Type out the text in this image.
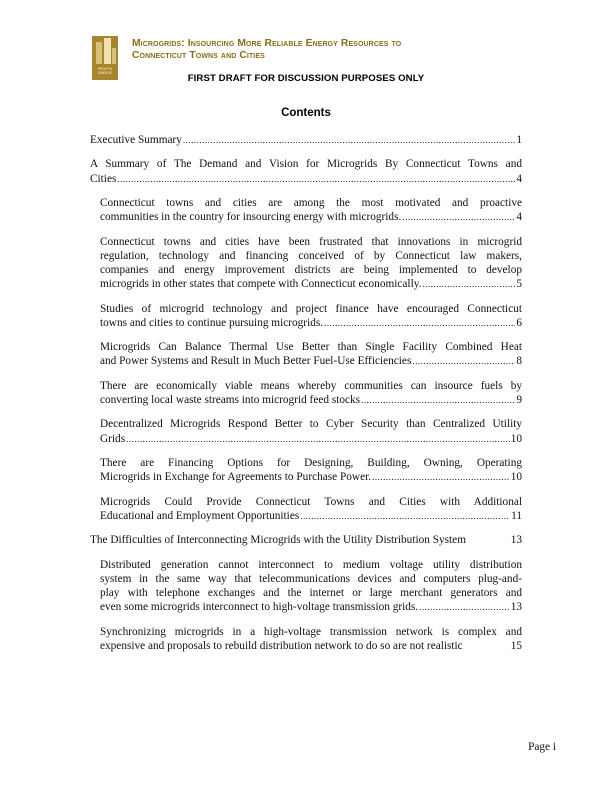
PROUTH ENERGY
Microgrids: Insourcing More Reliable Energy Resources to
Connecticut Towns and Cities
FIRST DRAFT FOR DISCUSSION PURPOSES ONLY
Contents
Executive Summary .....	1
A Summary of The Demand and Vision for Microgrids By Connecticut Towns and
Cities .....	4
Connecticut towns and cities are among the most motivated and proactive
communities in the country for insourcing energy with microgrids. .....	4
Connecticut towns and cities have been frustrated that innovations in microgrid
regulation, technology and financing conceived of by Connecticut law makers,
companies and energy improvement districts are being implemented to develop
microgrids in other states that compete with Connecticut economically. .....	5
Studies of microgrid technology and project finance have encouraged Connecticut
towns and cities to continue pursuing microgrids. .....	6
Microgrids Can Balance Thermal Use Better than Single Facility Combined Heat
and Power Systems and Result in Much Better Fuel-Use Efficiencies .....	8
There are economically viable means whereby communities can insource fuels by
converting local waste streams into microgrid feed stocks .....	9
Decentralized Microgrids Respond Better to Cyber Security than Centralized Utility
Grids .....	10
There are Financing Options for Designing, Building, Owning, Operating
Microgrids in Exchange for Agreements to Purchase Power. .....	10
Microgrids Could Provide Connecticut Towns and Cities with Additional
Educational and Employment Opportunities .....	11
The Difficulties of Interconnecting Microgrids with the Utility Distribution System	13
Distributed generation cannot interconnect to medium voltage utility distribution
system in the same way that telecommunications devices and computers plug-and-
play with telephone exchanges and the internet or large merchant generators and
even some microgrids interconnect to high-voltage transmission grids. .....	13
Synchronizing microgrids in a high-voltage transmission network is complex and
expensive and proposals to rebuild distribution network to do so are not realistic	15
Page i
